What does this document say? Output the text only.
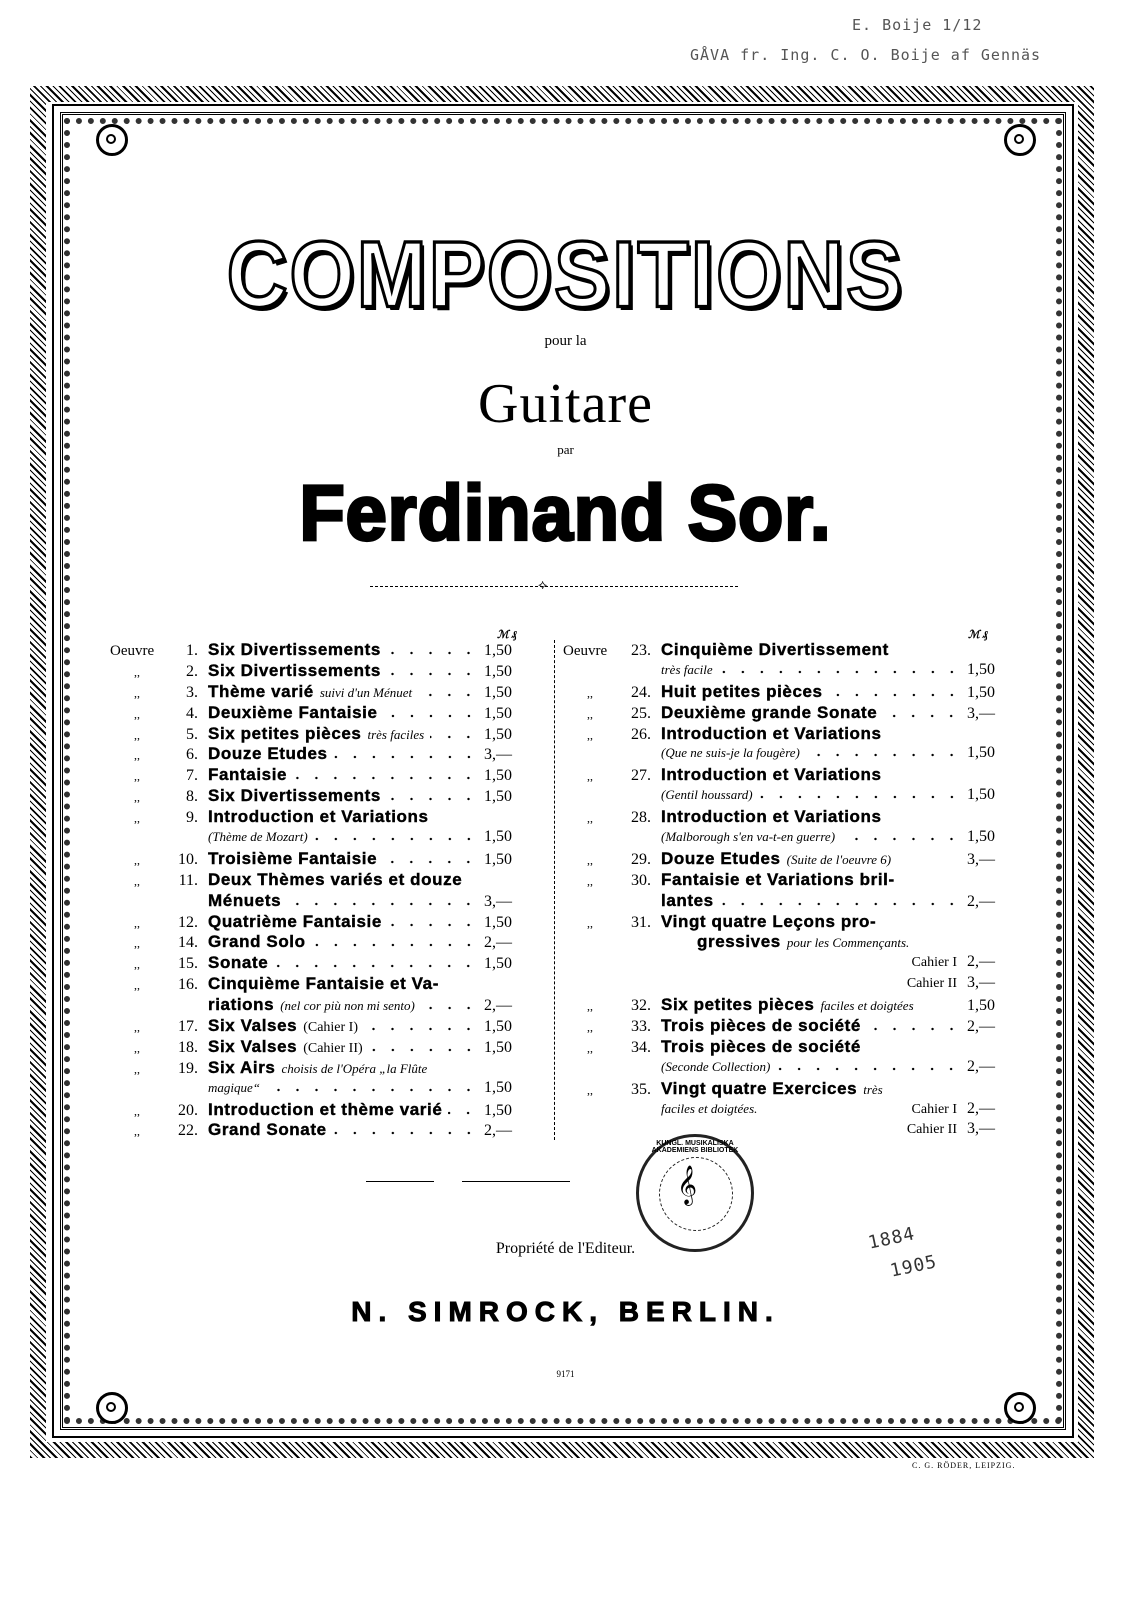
E. Boije 1/12
GÅVA fr. Ing. C. O. Boije af Gennäs
1884
1905
COMPOSITIONS
pour la
Guitare
par
Ferdinand Sor.
⟡
ℳ ₰	ℳ ₰
Oeuvre	1. Six Divertissements	1,50
,,	2. Six Divertissements	1,50
,,	3. Thème varié suivi d'un Ménuet	1,50
,,	4. Deuxième Fantaisie	1,50
,,	5. Six petites pièces très faciles	1,50
,,	6. Douze Etudes	3,—
,,	7. Fantaisie	1,50
,,	8. Six Divertissements	1,50
,,	9. Introduction et Variations
(Thème de Mozart)	1,50
,,	10. Troisième Fantaisie	1,50
,,	11. Deux Thèmes variés et douze
Ménuets	3,—
,,	12. Quatrième Fantaisie	1,50
,,	14. Grand Solo	2,—
,,	15. Sonate	1,50
,,	16. Cinquième Fantaisie et Va-
riations (nel cor più non mi sento)	2,—
,,	17. Six Valses (Cahier I)	1,50
,,	18. Six Valses (Cahier II)	1,50
,,	19. Six Airs choisis de l'Opéra „la Flûte
magique“	1,50
,,	20. Introduction et thème varié	1,50
,,	22. Grand Sonate	2,—
Oeuvre	23. Cinquième Divertissement
très facile	1,50
,,	24. Huit petites pièces	1,50
,,	25. Deuxième grande Sonate	3,—
,,	26. Introduction et Variations
(Que ne suis-je la fougère)	1,50
,,	27. Introduction et Variations
(Gentil houssard)	1,50
,,	28. Introduction et Variations
(Malborough s'en va-t-en guerre)	1,50
,,	29. Douze Etudes (Suite de l'oeuvre 6)	3,—
,,	30. Fantaisie et Variations bril-
lantes	2,—
,,	31. Vingt quatre Leçons pro-
gressives pour les Commençants.
Cahier I 2,—
Cahier II 3,—
,,	32. Six petites pièces faciles et doigtées	1,50
,,	33. Trois pièces de société	2,—
,,	34. Trois pièces de société
(Seconde Collection)	2,—
,,	35. Vingt quatre Exercices très
faciles et doigtées.	Cahier I 2,—
Cahier II 3,—
KUNGL. MUSIKALISKA AKADEMIENS BIBLIOTEK
𝄞
Propriété de l'Editeur.
N. SIMROCK, BERLIN.
9171
C. G. RÖDER, LEIPZIG.
